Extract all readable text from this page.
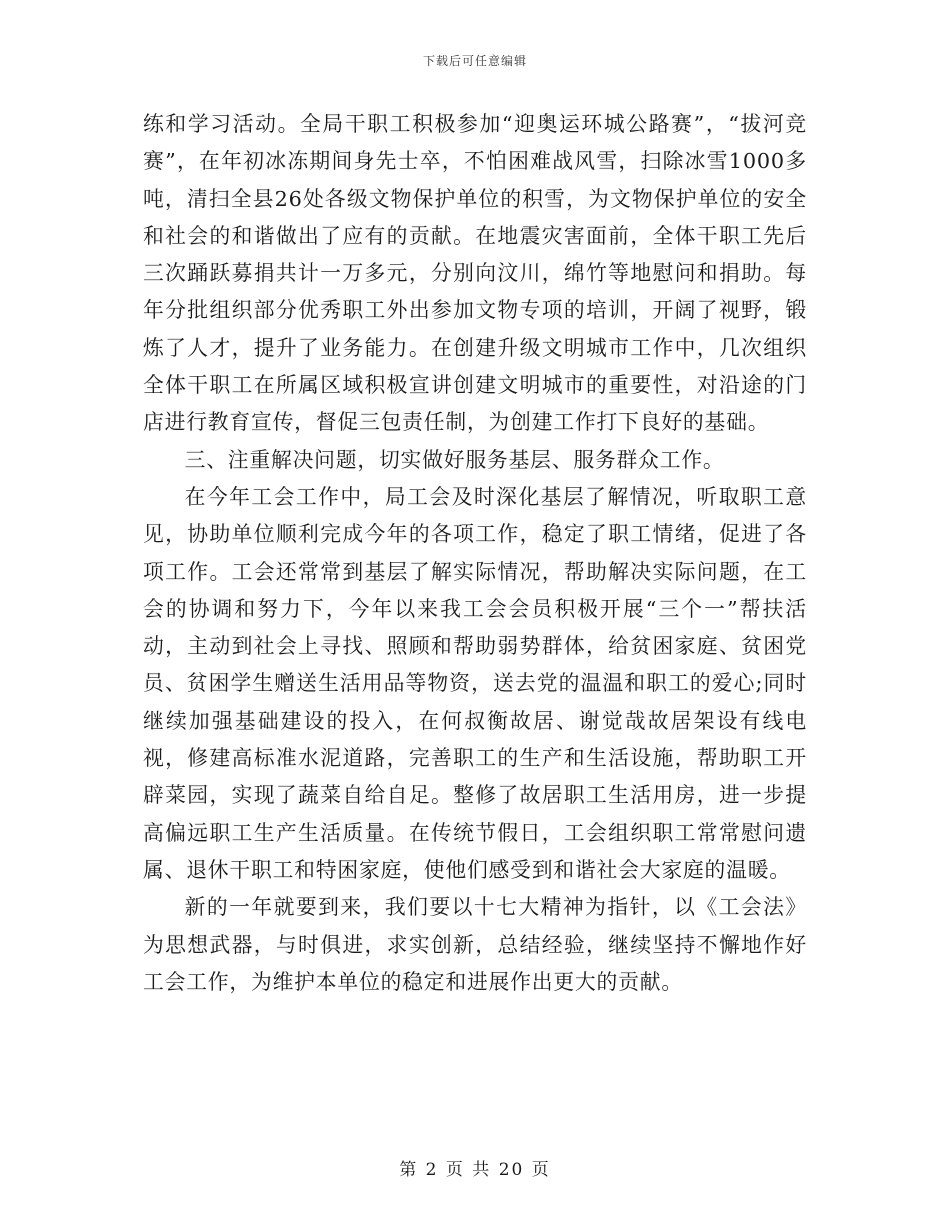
下载后可任意编辑

练和学习活动。全局干职工积极参加“迎奥运环城公路赛”，“拔河竞赛”，在年初冰冻期间身先士卒，不怕困难战风雪，扫除冰雪1000多吨，清扫全县26处各级文物保护单位的积雪，为文物保护单位的安全和社会的和谐做出了应有的贡献。在地震灾害面前，全体干职工先后三次踊跃募捐共计一万多元，分别向汶川，绵竹等地慰问和捐助。每年分批组织部分优秀职工外出参加文物专项的培训，开阔了视野，锻炼了人才，提升了业务能力。在创建升级文明城市工作中，几次组织全体干职工在所属区域积极宣讲创建文明城市的重要性，对沿途的门店进行教育宣传，督促三包责任制，为创建工作打下良好的基础。

三、注重解决问题，切实做好服务基层、服务群众工作。

在今年工会工作中，局工会及时深化基层了解情况，听取职工意见，协助单位顺利完成今年的各项工作，稳定了职工情绪，促进了各项工作。工会还常常到基层了解实际情况，帮助解决实际问题，在工会的协调和努力下，今年以来我工会会员积极开展“三个一”帮扶活动，主动到社会上寻找、照顾和帮助弱势群体，给贫困家庭、贫困党员、贫困学生赠送生活用品等物资，送去党的温温和职工的爱心;同时继续加强基础建设的投入，在何叔衡故居、谢觉哉故居架设有线电视，修建高标准水泥道路，完善职工的生产和生活设施，帮助职工开辟菜园，实现了蔬菜自给自足。整修了故居职工生活用房，进一步提高偏远职工生产生活质量。在传统节假日，工会组织职工常常慰问遗属、退休干职工和特困家庭，使他们感受到和谐社会大家庭的温暖。

新的一年就要到来，我们要以十七大精神为指针，以《工会法》为思想武器，与时俱进，求实创新，总结经验，继续坚持不懈地作好工会工作，为维护本单位的稳定和进展作出更大的贡献。

第 2 页 共 20 页
